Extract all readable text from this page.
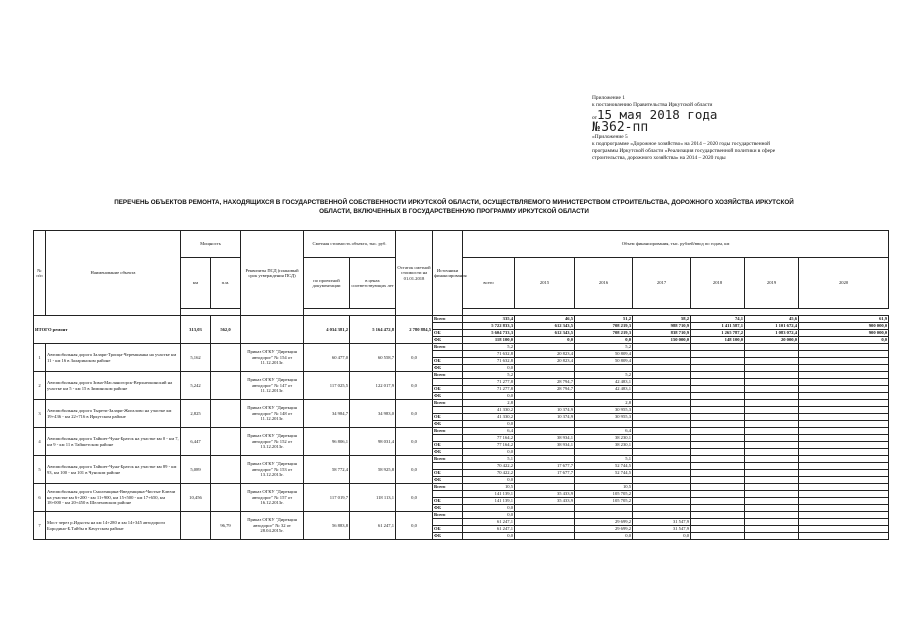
Приложение 1
к постановлению Правительства Иркутской области
от15 мая 2018 года
№ 362-пп
«Приложение 5
к подпрограмме «Дорожное хозяйство» на 2014 – 2020 годы государственной
программы Иркутской области «Реализация государственной политики в сфере
строительства, дорожного хозяйства» на 2014 – 2020 годы
ПЕРЕЧЕНЬ ОБЪЕКТОВ РЕМОНТА, НАХОДЯЩИХСЯ В ГОСУДАРСТВЕННОЙ СОБСТВЕННОСТИ ИРКУТСКОЙ ОБЛАСТИ, ОСУЩЕСТВЛЯЕМОГО МИНИСТЕРСТВОМ СТРОИТЕЛЬСТВА, ДОРОЖНОГО ХОЗЯЙСТВА ИРКУТСКОЙ
ОБЛАСТИ, ВКЛЮЧЕННЫХ В ГОСУДАРСТВЕННУЮ ПРОГРАММУ ИРКУТСКОЙ ОБЛАСТИ
№ п/п	Наименование объекта	Мощность		Реквизиты ПСД (плановый срок утверждения ПСД)	Сметная стоимость объекта, тыс. руб.		Остаток сметной стоимости на 01.01.2018	Источники финансирования	Объем финансирования, тыс. рублей/ввод по годам, км						
		км	п.м.		по проектной документации	в ценах соответствующих лет			всего	2015	2016	2017	2018	2019	2020

ИТОГО ремонт		313,03	562,0		4 034 381,2	5 164 472,8	2 780 884,5	Всего	335,4	46,5	51,2	58,2	74,1	45,6	61,9
									5 722 833,3	612 343,5	708 219,3	988 710,9	1 411 587,1	1 101 672,4	900 000,0
								ОБ	5 604 733,3	612 343,5	708 219,3	838 710,9	1 265 787,2	1 083 072,4	900 000,0
								ФБ	118 100,0	0,0	0,0	150 000,0	148 100,0	20 000,0	0,0
1	Автомобильная дорога Залари-Троица-Черемшанка на участке км 11 - км 16 в Заларинском районе	5,162		Приказ ОГКУ "Дирекция автодорог" № 154 от 11.12.2013г.	60 477,0	60 558,7	0,0	Всего	5,2		5,2				
									71 632,8	20 823,4	50 809,4				
								ОБ	71 632,8	20 823,4	50 809,4				
								ФБ	0,0						
2	Автомобильная дорога Зима-Масляногорск-Верхнеокинский на участке км 5 - км 15 в Зиминском районе	5,242		Приказ ОГКУ "Дирекция автодорог" № 147 от 11.12.2013г.	117 025,5	122 017,9	0,0	Всего	5,2		5,2				
									71 277,8	28 794,7	42 483,1				
								ОБ	71 277,8	28 794,7	42 483,1				
								ФБ	0,0						
3	Автомобильная дорога Тырети-Залари-Жигалово на участке км 19+436 - км 22+716 в Иркутском районе	2,825		Приказ ОГКУ "Дирекция автодорог" № 148 от 11.12.2013г.	34 984,7	34 983,0	0,0	Всего	2,8		2,8				
									41 330,2	10 374,9	30 955,3				
								ОБ	41 330,2	10 374,9	30 955,3				
								ФБ	0,0						
4	Автомобильная дорога Тайшет-Чуна-Братск на участке км 0 - км 7, км 9 - км 11 в Тайшетском районе	6,447		Приказ ОГКУ "Дирекция автодорог" № 152 от 13.12.2013г.	96 806,1	98 031,4	0,0	Всего	6,4		6,4				
									77 164,2	38 934,1	38 230,1				
								ОБ	77 164,2	38 934,1	38 230,1				
								ФБ	0,0						
5	Автомобильная дорога Тайшет-Чуна-Братск на участке км 89 - км 93, км 100 - км 101 в Чунском районе	5,089		Приказ ОГКУ "Дирекция автодорог" № 153 от 13.12.2013г.	58 772,4	58 925,8	0,0	Всего	5,1		5,1				
									70 422,2	17 677,7	52 744,5				
								ОБ	70 422,2	17 677,7	52 744,5				
								ФБ	0,0						
6	Автомобильная дорога Смоленщина-Введенщина-Чистые Ключи на участке км 6+200 - км 11+900, км 15+500 - км 17+650, км 18+000 - км 20+450 в Шелеховском районе	10,456		Приказ ОГКУ "Дирекция автодорог" № 157 от 16.12.2013г.	117 019,7	118 113,1	0,0	Всего	10,5		10,5				
									141 139,1	35 433,9	105 705,2				
								ОБ	141 139,1	35 433,9	105 705,2				
								ФБ	0,0						
7	Мост через р.Идысты на км 14+280 и км 14+345 автодороги Бородино-Б.Тайбы в Качугском районе		96,79	Приказ ОГКУ "Дирекция автодорог" № 32 от 28.04.2015г.	56 883,8	61 247,1	0,0	Всего	0,0						
									61 247,1		29 699,2	31 547,9			
								ОБ	61 247,1		29 699,2	31 547,9			
								ФБ	0,0		0,0	0,0			
